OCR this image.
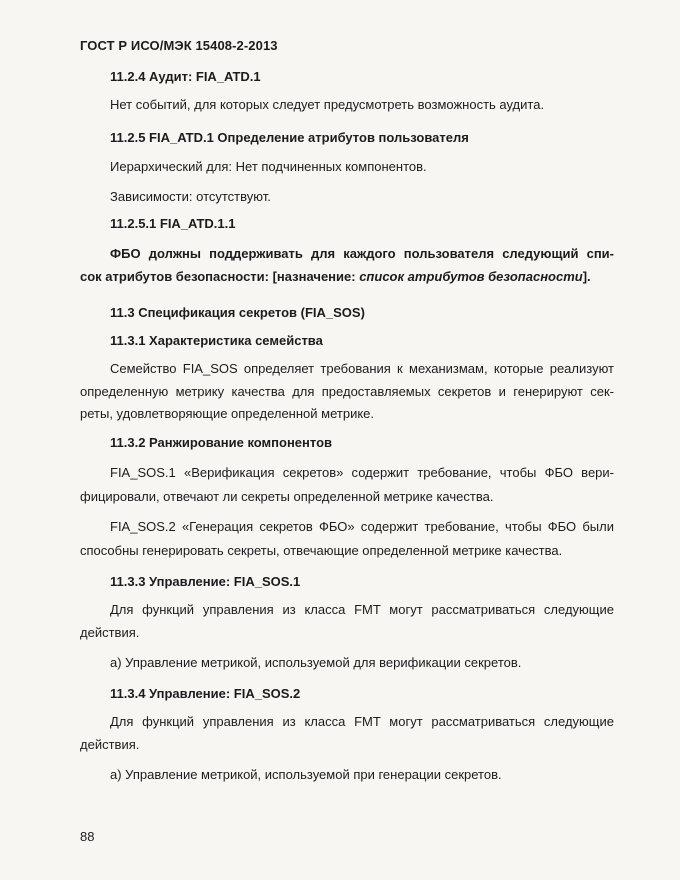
ГОСТ Р ИСО/МЭК 15408-2-2013
11.2.4 Аудит: FIA_ATD.1
Нет событий, для которых следует предусмотреть возможность аудита.
11.2.5 FIA_ATD.1 Определение атрибутов пользователя
Иерархический для: Нет подчиненных компонентов.
Зависимости: отсутствуют.
11.2.5.1 FIA_ATD.1.1
ФБО должны поддерживать для каждого пользователя следующий спи-
сок атрибутов безопасности: [назначение: список атрибутов безопасности].
11.3 Спецификация секретов (FIA_SOS)
11.3.1 Характеристика семейства
Семейство FIA_SOS определяет требования к механизмам, которые реализуют
определенную метрику качества для предоставляемых секретов и генерируют сек-
реты, удовлетворяющие определенной метрике.
11.3.2 Ранжирование компонентов
FIA_SOS.1 «Верификация секретов» содержит требование, чтобы ФБО вери-
фицировали, отвечают ли секреты определенной метрике качества.
FIA_SOS.2 «Генерация секретов ФБО» содержит требование, чтобы ФБО были
способны генерировать секреты, отвечающие определенной метрике качества.
11.3.3 Управление: FIA_SOS.1
Для функций управления из класса FMT могут рассматриваться следующие
действия.
a) Управление метрикой, используемой для верификации секретов.
11.3.4 Управление: FIA_SOS.2
Для функций управления из класса FMT могут рассматриваться следующие
действия.
a) Управление метрикой, используемой при генерации секретов.
88
